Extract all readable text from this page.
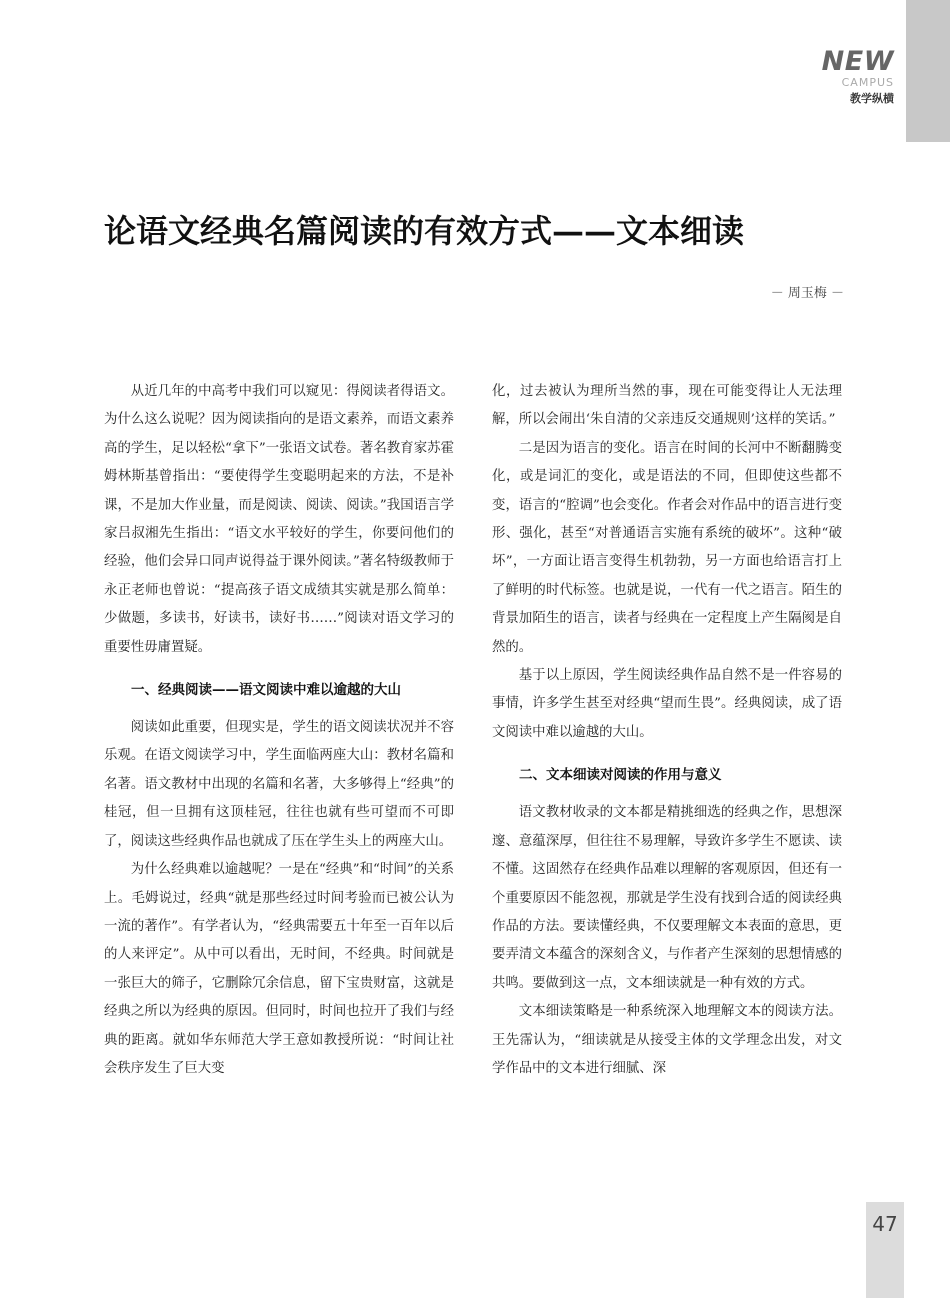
NEW
CAMPUS
教学纵横
论语文经典名篇阅读的有效方式——文本细读
－ 周玉梅 －

从近几年的中高考中我们可以窥见：得阅读者得语文。为什么这么说呢？因为阅读指向的是语文素养，而语文素养高的学生，足以轻松“拿下”一张语文试卷。著名教育家苏霍姆林斯基曾指出：“要使得学生变聪明起来的方法，不是补课，不是加大作业量，而是阅读、阅读、阅读。”我国语言学家吕叔湘先生指出：“语文水平较好的学生，你要问他们的经验，他们会异口同声说得益于课外阅读。”著名特级教师于永正老师也曾说：“提高孩子语文成绩其实就是那么简单：少做题，多读书，好读书，读好书……”阅读对语文学习的重要性毋庸置疑。

一、经典阅读——语文阅读中难以逾越的大山

阅读如此重要，但现实是，学生的语文阅读状况并不容乐观。在语文阅读学习中，学生面临两座大山：教材名篇和名著。语文教材中出现的名篇和名著，大多够得上“经典”的桂冠，但一旦拥有这顶桂冠，往往也就有些可望而不可即了，阅读这些经典作品也就成了压在学生头上的两座大山。

为什么经典难以逾越呢？一是在“经典”和“时间”的关系上。毛姆说过，经典“就是那些经过时间考验而已被公认为一流的著作”。有学者认为，“经典需要五十年至一百年以后的人来评定”。从中可以看出，无时间，不经典。时间就是一张巨大的筛子，它删除冗余信息，留下宝贵财富，这就是经典之所以为经典的原因。但同时，时间也拉开了我们与经典的距离。就如华东师范大学王意如教授所说：“时间让社会秩序发生了巨大变

化，过去被认为理所当然的事，现在可能变得让人无法理解，所以会闹出‘朱自清的父亲违反交通规则’这样的笑话。”

二是因为语言的变化。语言在时间的长河中不断翻腾变化，或是词汇的变化，或是语法的不同，但即使这些都不变，语言的“腔调”也会变化。作者会对作品中的语言进行变形、强化，甚至“对普通语言实施有系统的破坏”。这种“破坏”，一方面让语言变得生机勃勃，另一方面也给语言打上了鲜明的时代标签。也就是说，一代有一代之语言。陌生的背景加陌生的语言，读者与经典在一定程度上产生隔阂是自然的。

基于以上原因，学生阅读经典作品自然不是一件容易的事情，许多学生甚至对经典“望而生畏”。经典阅读，成了语文阅读中难以逾越的大山。

二、文本细读对阅读的作用与意义

语文教材收录的文本都是精挑细选的经典之作，思想深邃、意蕴深厚，但往往不易理解，导致许多学生不愿读、读不懂。这固然存在经典作品难以理解的客观原因，但还有一个重要原因不能忽视，那就是学生没有找到合适的阅读经典作品的方法。要读懂经典，不仅要理解文本表面的意思，更要弄清文本蕴含的深刻含义，与作者产生深刻的思想情感的共鸣。要做到这一点，文本细读就是一种有效的方式。

文本细读策略是一种系统深入地理解文本的阅读方法。王先霈认为，“细读就是从接受主体的文学理念出发，对文学作品中的文本进行细腻、深

47
